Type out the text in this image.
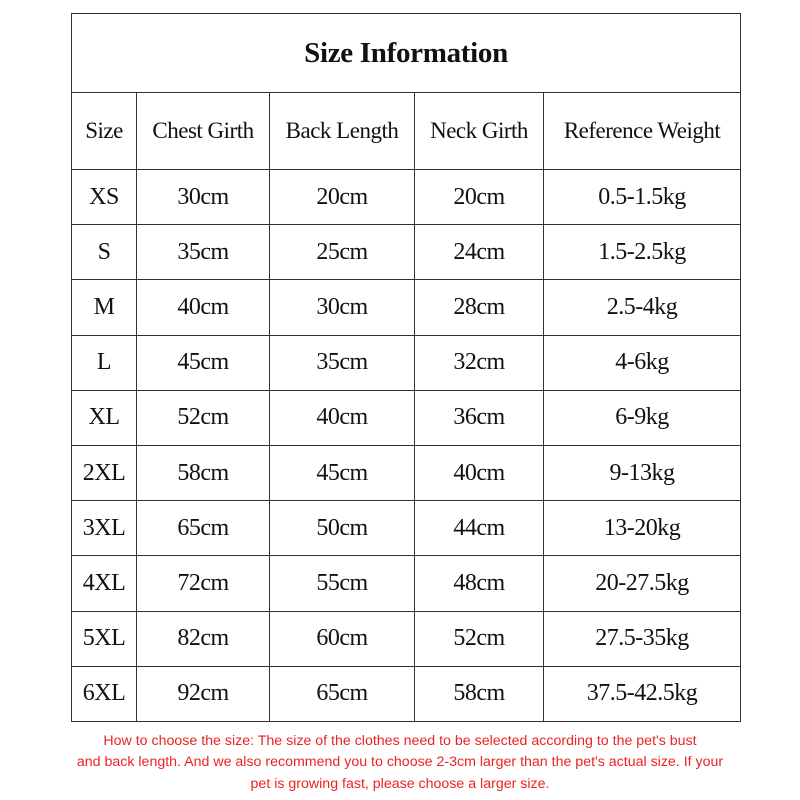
Size Information				
Size	Chest Girth	Back Length	Neck Girth	Reference Weight
XS	30cm	20cm	20cm	0.5-1.5kg
S	35cm	25cm	24cm	1.5-2.5kg
M	40cm	30cm	28cm	2.5-4kg
L	45cm	35cm	32cm	4-6kg
XL	52cm	40cm	36cm	6-9kg
2XL	58cm	45cm	40cm	9-13kg
3XL	65cm	50cm	44cm	13-20kg
4XL	72cm	55cm	48cm	20-27.5kg
5XL	82cm	60cm	52cm	27.5-35kg
6XL	92cm	65cm	58cm	37.5-42.5kg
How to choose the size: The size of the clothes need to be selected according to the pet's bust
and back length. And we also recommend you to choose 2-3cm larger than the pet's actual size. If your
pet is growing fast, please choose a larger size.
